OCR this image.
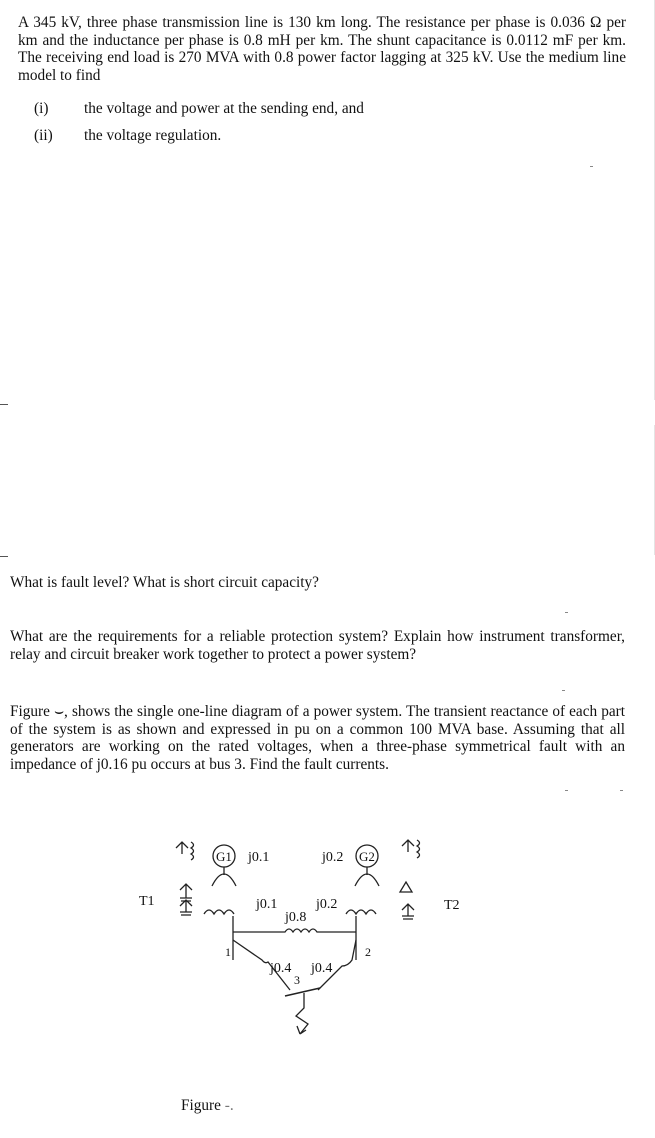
A 345 kV, three phase transmission line is 130 km long. The resistance per phase is 0.036 Ω per km and the inductance per phase is 0.8 mH per km. The shunt capacitance is 0.0112 mF per km. The receiving end load is 270 MVA with 0.8 power factor lagging at 325 kV. Use the medium line model to find

(i) the voltage and power at the sending end, and
(ii) the voltage regulation.

What is fault level? What is short circuit capacity?

What are the requirements for a reliable protection system? Explain how instrument transformer, relay and circuit breaker work together to protect a power system?

Figure ⌣, shows the single one-line diagram of a power system. The transient reactance of each part of the system is as shown and expressed in pu on a common 100 MVA base. Assuming that all generators are working on the rated voltages, when a three-phase symmetrical fault with an impedance of j0.16 pu occurs at bus 3. Find the fault currents.

G1 j0.1
T1	j0.1
1
j0.2 G2
T2
j0.2
2
j0.8
j0.4 j0.4
3
Figure -.
